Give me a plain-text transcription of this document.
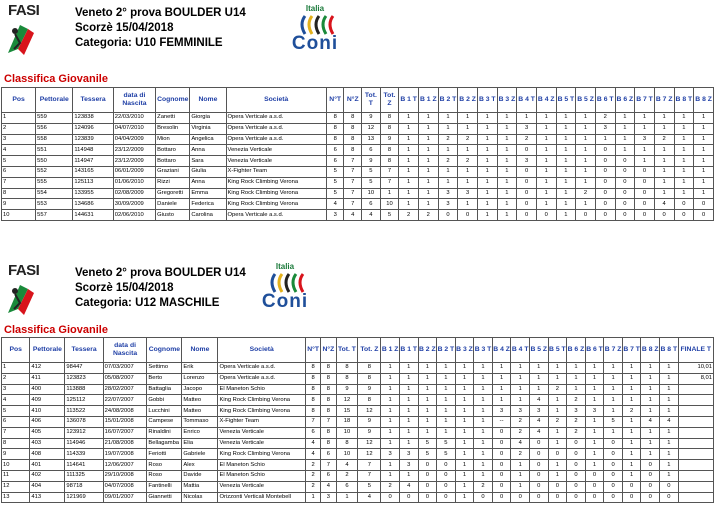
FASI	Veneto 2° prova BOULDER U14
Scorzè 15/04/2018
Categoria: U10 FEMMINILE
Italia
Coni
Classifica Giovanile
Pos	Pettorale	Tessera	data di Nascita	Cognome	Nome	Società	N°T	N°Z	Tot. T	Tot. Z	B 1 T	B 1 Z	B 2 T	B 2 Z	B 3 T	B 3 Z	B 4 T	B 4 Z	B 5 T	B 5 Z	B 6 T	B 6 Z	B 7 T	B 7 Z	B 8 T	B 8 Z
1	559	123838	22/03/2010	Zanetti	Giorgia	Opera Verticale a.s.d.	8	8	9	8	1	1	1	1	1	1	1	1	1	1	2	1	1	1	1	1
2	556	124096	04/07/2010	Bresolin	Virginia	Opera Verticale a.s.d.	8	8	12	8	1	1	1	1	1	1	3	1	1	1	3	1	1	1	1	1
3	558	123839	04/04/2009	Mion	Angelica	Opera Verticale a.s.d.	8	8	13	9	1	1	2	2	1	1	2	1	1	1	1	1	3	2	1	1
4	551	114948	23/12/2009	Bottaro	Anna	Venezia Verticale	6	8	6	8	1	1	1	1	1	1	0	1	1	1	0	1	1	1	1	1
5	550	114947	23/12/2009	Bottaro	Sara	Venezia Verticale	6	7	9	8	1	1	2	2	1	1	3	1	1	1	0	0	1	1	1	1
6	552	143165	06/01/2009	Graziani	Giulia	X-Fighter Team	5	7	5	7	1	1	1	1	1	1	0	1	1	1	0	0	0	1	1	1
7	555	125113	01/06/2010	Rizzi	Anna	King Rock Climbing Verona	5	7	5	7	1	1	1	1	1	1	0	1	1	1	0	0	0	1	1	1
8	554	133955	02/08/2009	Gregoretti	Emma	King Rock Climbing Verona	5	7	10	1	1	1	3	3	1	1	0	1	1	2	0	0	0	1	1	1
9	553	134686	30/09/2009	Daniele	Federica	King Rock Climbing Verona	4	7	6	10	1	1	3	1	1	1	0	1	1	1	0	0	0	4	0	0
10	557	144631	02/06/2010	Giusto	Carolina	Opera Verticale a.s.d.	3	4	4	5	2	2	0	0	1	1	0	0	1	0	0	0	0	0	0	0
FASI	Veneto 2° prova BOULDER U14
Scorzè 15/04/2018
Categoria: U12 MASCHILE
Italia
Coni
Classifica Giovanile
Pos	Pettorale	Tessera	data di Nascita	Cognome	Nome	Società	N°T	N°Z	Tot. T	Tot. Z	B 1 Z	B 1 T	B 2 Z	B 2 T	B 3 Z	B 3 T	B 4 Z	B 4 T	B 5 Z	B 5 T	B 6 Z	B 6 T	B 7 Z	B 7 T	B 8 Z	B 8 T	FINALE T
1	412	98447	07/03/2007	Settimo	Erik	Opera Verticale a.s.d.	8	8	8	8	1	1	1	1	1	1	1	1	1	1	1	1	1	1	1	1	10,01
2	411	123823	05/08/2007	Berto	Lorenzo	Opera Verticale a.s.d.	8	8	8	8	1	1	1	1	1	1	1	1	1	1	1	1	1	1	1	1	8,01
3	400	113888	28/02/2007	Battaglia	Jacopo	El Maneton Schio	8	8	9	9	1	1	1	1	1	1	1	1	1	2	1	1	1	1	1	1	
4	409	125112	22/07/2007	Gobbi	Matteo	King Rock Climbing Verona	8	8	12	8	1	1	1	1	1	1	1	1	4	1	2	1	1	1	1	1	
5	410	113522	24/08/2008	Lucchini	Matteo	King Rock Climbing Verona	8	8	15	12	1	1	1	1	1	1	3	3	3	1	3	3	1	2	1	1	
6	406	136078	15/01/2008	Campese	Tommaso	X-Fighter Team	7	7	18	9	1	1	1	1	1	1	--	2	4	2	2	1	5	1	4	4	
7	405	123912	16/07/2007	Rinaldini	Enrico	Venezia Verticale	6	8	10	9	1	1	1	1	1	1	0	2	4	1	2	1	1	1	1	1	
8	403	114946	21/08/2008	Bellagamba	Elia	Venezia Verticale	4	8	8	12	1	1	5	5	1	1	0	4	0	1	0	1	0	1	1	1	
9	408	114339	19/07/2008	Feriotti	Gabriele	King Rock Climbing Verona	4	6	10	12	3	3	5	5	1	1	0	2	0	0	0	1	0	1	1	1	
10	401	114641	12/06/2007	Roso	Alex	El Maneton Schio	2	7	4	7	1	3	0	0	1	1	0	1	0	1	0	1	0	1	0	1	
11	402	111325	29/10/2008	Roso	Davide	El Maneton Schio	2	6	2	7	1	1	0	0	1	1	0	1	0	1	0	0	0	1	0	1	
12	404	98718	04/07/2008	Fantinelli	Mattia	Venezia Verticale	2	4	6	5	2	4	0	0	1	2	0	1	0	0	0	0	0	0	0	0	
13	413	121969	09/01/2007	Giannetti	Nicolas	Orizzonti Verticali Montebell	1	3	1	4	0	0	0	0	1	0	0	0	0	0	0	0	0	0	0	0	
